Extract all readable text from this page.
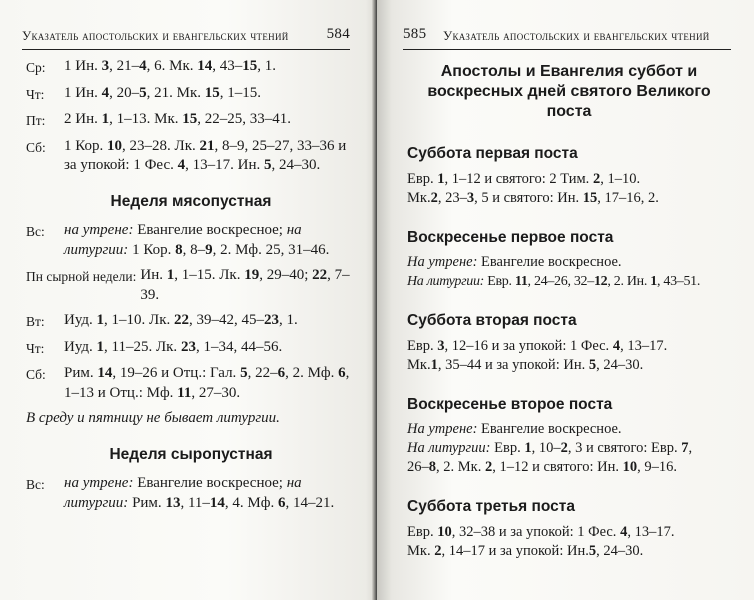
Указатель апостольских и евангельских чтений	584
Ср:	1 Ин. 3, 21–4, 6. Мк. 14, 43–15, 1.
Чт:	1 Ин. 4, 20–5, 21. Мк. 15, 1–15.
Пт:	2 Ин. 1, 1–13. Мк. 15, 22–25, 33–41.
Сб:	1 Кор. 10, 23–28. Лк. 21, 8–9, 25–27, 33–36 и за упокой: 1 Фес. 4, 13–17. Ин. 5, 24–30.
Неделя мясопустная
Вс:	на утрене: Евангелие воскресное; на литургии: 1 Кор. 8, 8–9, 2. Мф. 25, 31–46.
Пн сырной недели: Ин. 1, 1–15. Лк. 19, 29–40; 22, 7–39.
Вт:	Иуд. 1, 1–10. Лк. 22, 39–42, 45–23, 1.
Чт:	Иуд. 1, 11–25. Лк. 23, 1–34, 44–56.
Сб:	Рим. 14, 19–26 и Отц.: Гал. 5, 22–6, 2. Мф. 6, 1–13 и Отц.: Мф. 11, 27–30.
В среду и пятницу не бывает литургии.
Неделя сыропустная
Вс:	на утрене: Евангелие воскресное; на литургии: Рим. 13, 11–14, 4. Мф. 6, 14–21.
585 Указатель апостольских и евангельских чтений
Апостолы и Евангелия суббот и воскресных дней святого Великого поста
Суббота первая поста
Евр. 1, 1–12 и святого: 2 Тим. 2, 1–10.
Мк.2, 23–3, 5 и святого: Ин. 15, 17–16, 2.
Воскресенье первое поста
На утрене: Евангелие воскресное.
На литургии: Евр. 11, 24–26, 32–12, 2. Ин. 1, 43–51.
Суббота вторая поста
Евр. 3, 12–16 и за упокой: 1 Фес. 4, 13–17.
Мк.1, 35–44 и за упокой: Ин. 5, 24–30.
Воскресенье второе поста
На утрене: Евангелие воскресное.
На литургии: Евр. 1, 10–2, 3 и святого: Евр. 7,
26–8, 2. Мк. 2, 1–12 и святого: Ин. 10, 9–16.
Суббота третья поста
Евр. 10, 32–38 и за упокой: 1 Фес. 4, 13–17.
Мк. 2, 14–17 и за упокой: Ин.5, 24–30.
